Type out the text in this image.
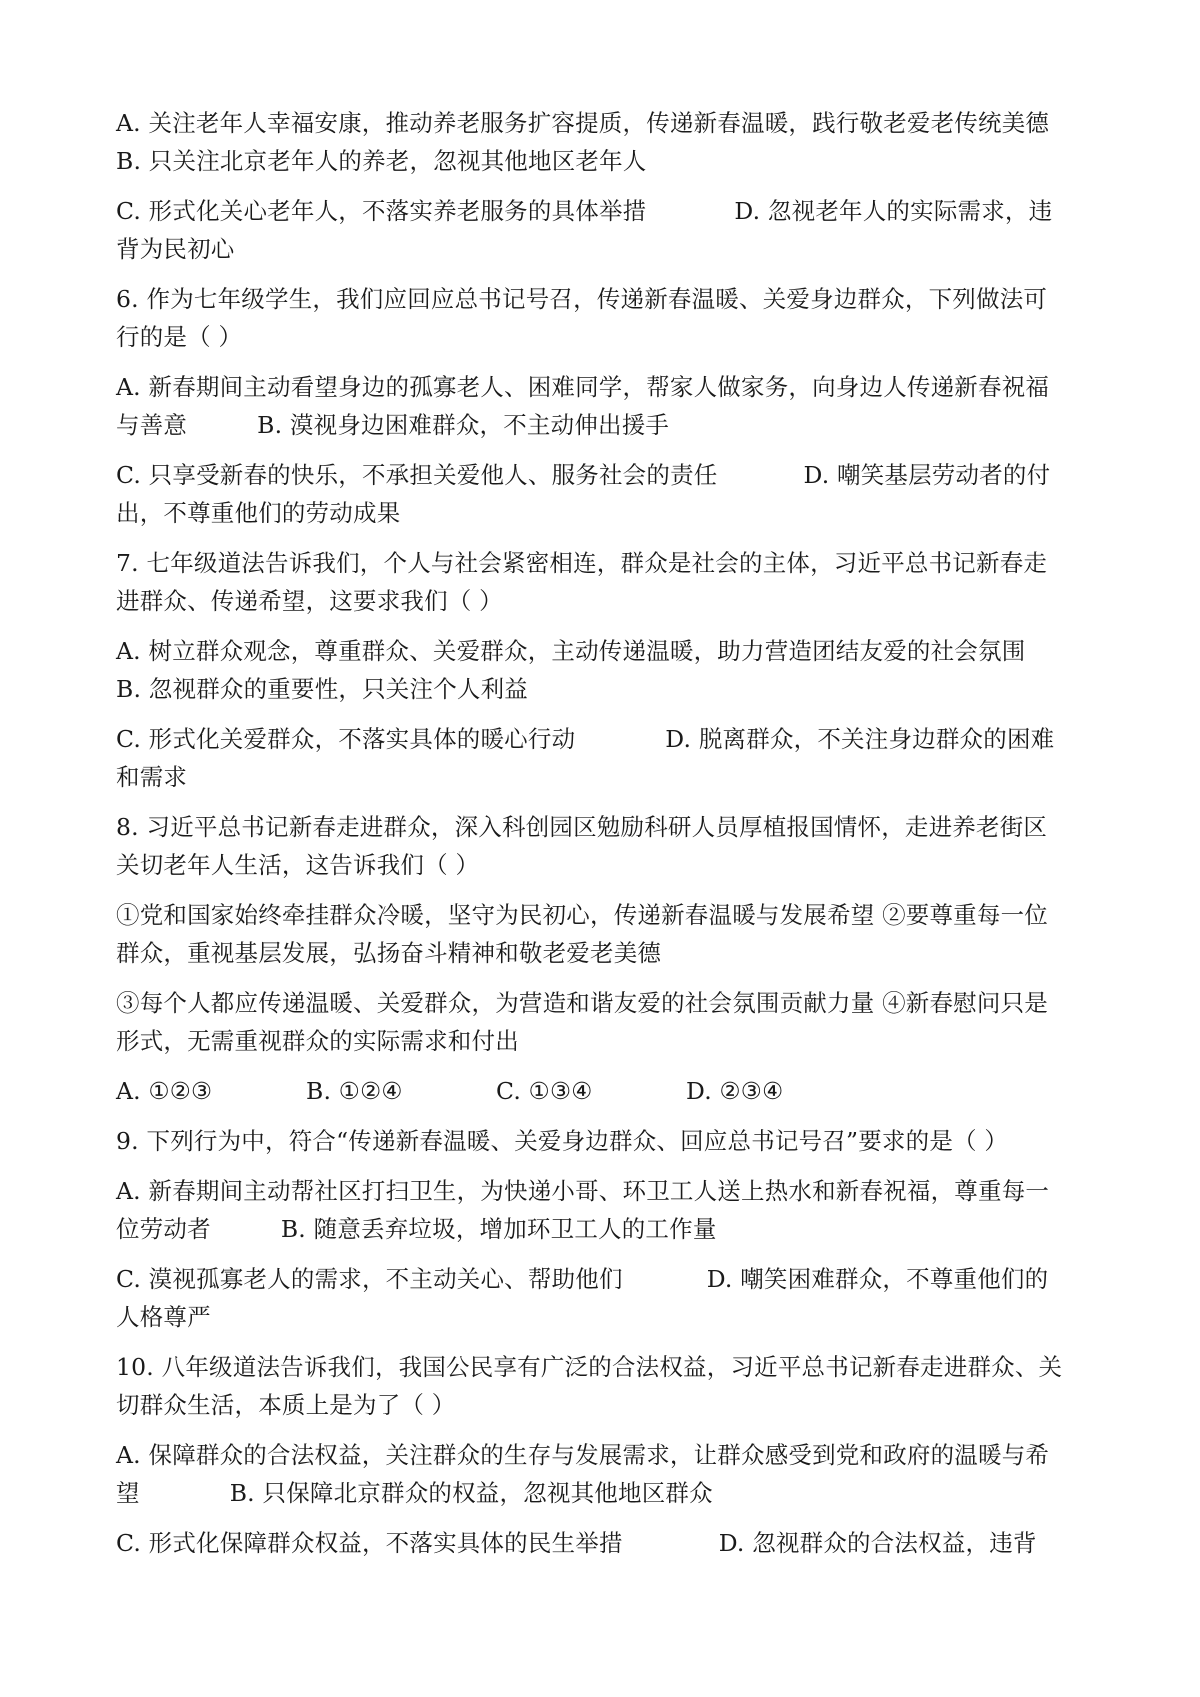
A. 关注老年人幸福安康，推动养老服务扩容提质，传递新春温暖，践行敬老爱老传统美德
B. 只关注北京老年人的养老，忽视其他地区老年人
C. 形式化关心老年人，不落实养老服务的具体举措	D. 忽视老年人的实际需求，违
背为民初心
6. 作为七年级学生，我们应回应总书记号召，传递新春温暖、关爱身边群众，下列做法可
行的是（ ）
A. 新春期间主动看望身边的孤寡老人、困难同学，帮家人做家务，向身边人传递新春祝福
与善意	B. 漠视身边困难群众，不主动伸出援手
C. 只享受新春的快乐，不承担关爱他人、服务社会的责任	D. 嘲笑基层劳动者的付
出，不尊重他们的劳动成果
7. 七年级道法告诉我们，个人与社会紧密相连，群众是社会的主体，习近平总书记新春走
进群众、传递希望，这要求我们（ ）
A. 树立群众观念，尊重群众、关爱群众，主动传递温暖，助力营造团结友爱的社会氛围
B. 忽视群众的重要性，只关注个人利益
C. 形式化关爱群众，不落实具体的暖心行动	D. 脱离群众，不关注身边群众的困难
和需求
8. 习近平总书记新春走进群众，深入科创园区勉励科研人员厚植报国情怀，走进养老街区
关切老年人生活，这告诉我们（ ）
①党和国家始终牵挂群众冷暖，坚守为民初心，传递新春温暖与发展希望 ②要尊重每一位
群众，重视基层发展，弘扬奋斗精神和敬老爱老美德
③每个人都应传递温暖、关爱群众，为营造和谐友爱的社会氛围贡献力量 ④新春慰问只是
形式，无需重视群众的实际需求和付出
A. ①②③	B. ①②④	C. ①③④	D. ②③④
9. 下列行为中，符合“传递新春温暖、关爱身边群众、回应总书记号召”要求的是（ ）
A. 新春期间主动帮社区打扫卫生，为快递小哥、环卫工人送上热水和新春祝福，尊重每一
位劳动者	B. 随意丢弃垃圾，增加环卫工人的工作量
C. 漠视孤寡老人的需求，不主动关心、帮助他们	D. 嘲笑困难群众，不尊重他们的
人格尊严
10. 八年级道法告诉我们，我国公民享有广泛的合法权益，习近平总书记新春走进群众、关
切群众生活，本质上是为了（ ）
A. 保障群众的合法权益，关注群众的生存与发展需求，让群众感受到党和政府的温暖与希
望	B. 只保障北京群众的权益，忽视其他地区群众
C. 形式化保障群众权益，不落实具体的民生举措	D. 忽视群众的合法权益，违背
